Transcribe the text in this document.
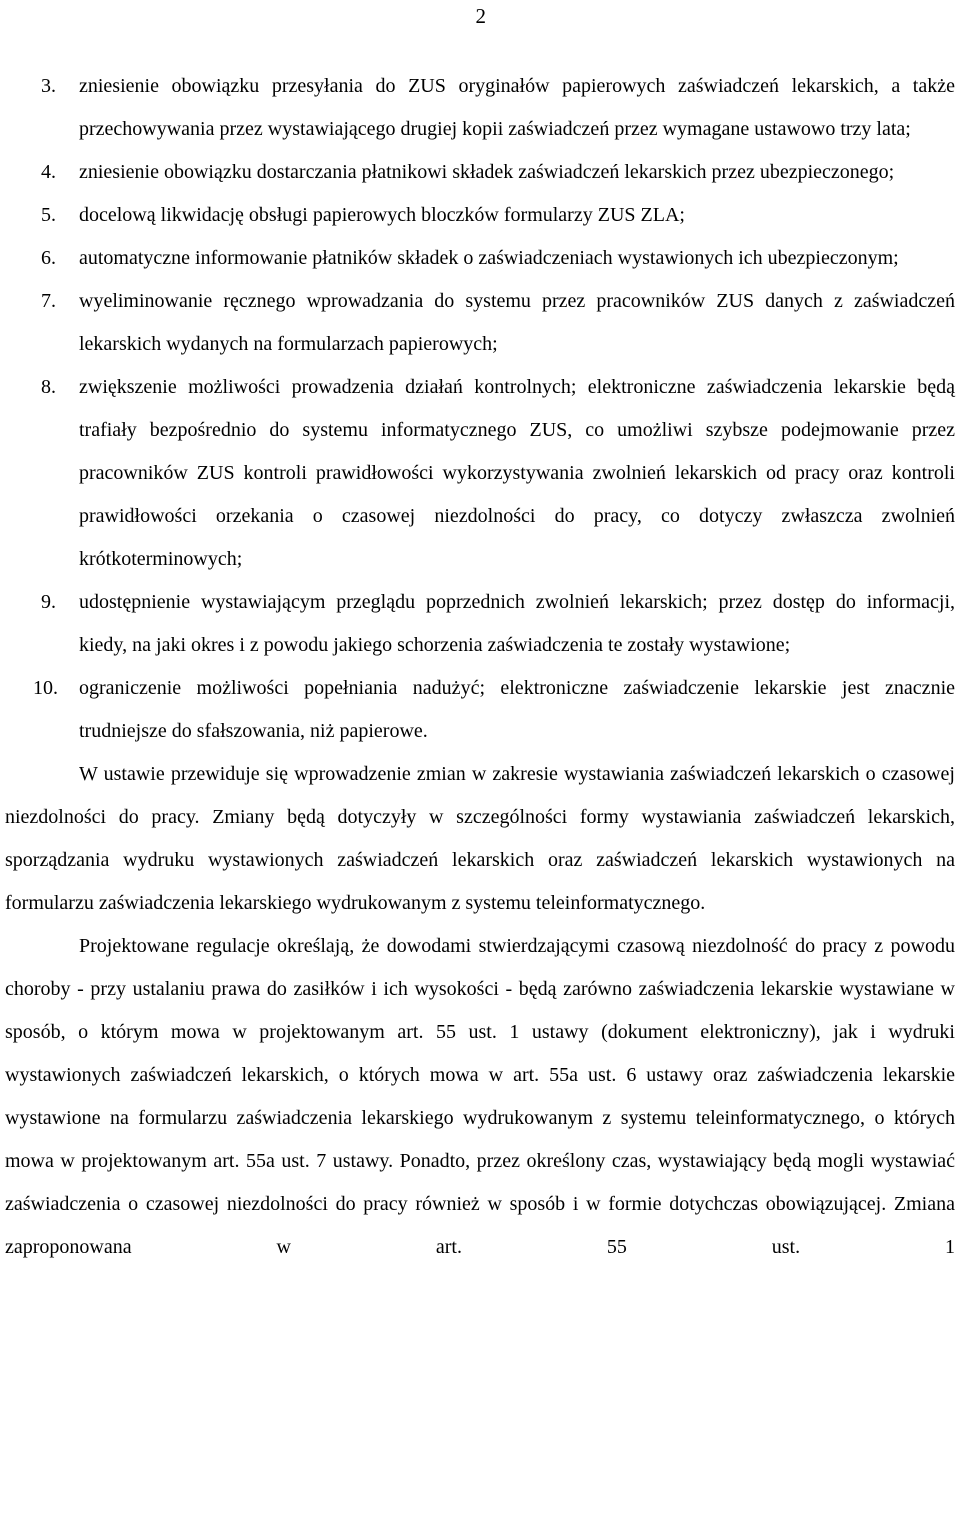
2
3. zniesienie obowiązku przesyłania do ZUS oryginałów papierowych zaświadczeń lekarskich, a także przechowywania przez wystawiającego drugiej kopii zaświadczeń przez wymagane ustawowo trzy lata;
4. zniesienie obowiązku dostarczania płatnikowi składek zaświadczeń lekarskich przez ubezpieczonego;
5. docelową likwidację obsługi papierowych bloczków formularzy ZUS ZLA;
6. automatyczne informowanie płatników składek o zaświadczeniach wystawionych ich ubezpieczonym;
7. wyeliminowanie ręcznego wprowadzania do systemu przez pracowników ZUS danych z zaświadczeń lekarskich wydanych na formularzach papierowych;
8. zwiększenie możliwości prowadzenia działań kontrolnych; elektroniczne zaświadczenia lekarskie będą trafiały bezpośrednio do systemu informatycznego ZUS, co umożliwi szybsze podejmowanie przez pracowników ZUS kontroli prawidłowości wykorzystywania zwolnień lekarskich od pracy oraz kontroli prawidłowości orzekania o czasowej niezdolności do pracy, co dotyczy zwłaszcza zwolnień krótkoterminowych;
9. udostępnienie wystawiającym przeglądu poprzednich zwolnień lekarskich; przez dostęp do informacji, kiedy, na jaki okres i z powodu jakiego schorzenia zaświadczenia te zostały wystawione;
10. ograniczenie możliwości popełniania nadużyć; elektroniczne zaświadczenie lekarskie jest znacznie trudniejsze do sfałszowania, niż papierowe.

W ustawie przewiduje się wprowadzenie zmian w zakresie wystawiania zaświadczeń lekarskich o czasowej niezdolności do pracy. Zmiany będą dotyczyły w szczególności formy wystawiania zaświadczeń lekarskich, sporządzania wydruku wystawionych zaświadczeń lekarskich oraz zaświadczeń lekarskich wystawionych na formularzu zaświadczenia lekarskiego wydrukowanym z systemu teleinformatycznego.

Projektowane regulacje określają, że dowodami stwierdzającymi czasową niezdolność do pracy z powodu choroby - przy ustalaniu prawa do zasiłków i ich wysokości - będą zarówno zaświadczenia lekarskie wystawiane w sposób, o którym mowa w projektowanym art. 55 ust. 1 ustawy (dokument elektroniczny), jak i wydruki wystawionych zaświadczeń lekarskich, o których mowa w art. 55a ust. 6 ustawy oraz zaświadczenia lekarskie wystawione na formularzu zaświadczenia lekarskiego wydrukowanym z systemu teleinformatycznego, o których mowa w projektowanym art. 55a ust. 7 ustawy. Ponadto, przez określony czas, wystawiający będą mogli wystawiać zaświadczenia o czasowej niezdolności do pracy również w sposób i w formie dotychczas obowiązującej. Zmiana zaproponowana w art. 55 ust. 1
